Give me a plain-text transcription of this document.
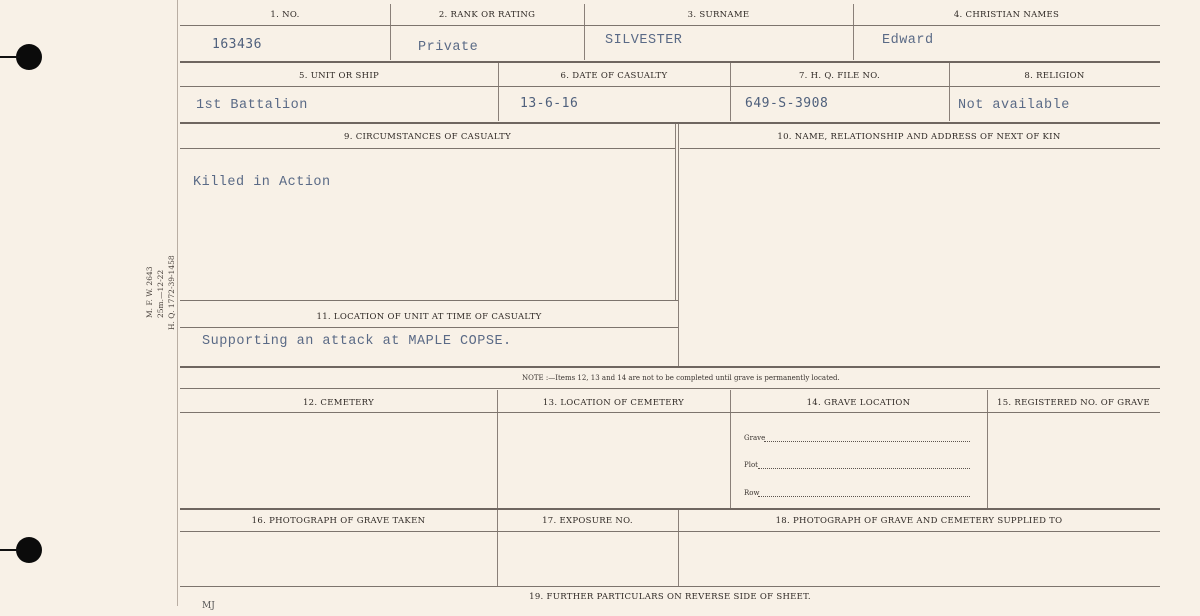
M. F. W. 2643 25m.—12-22 H. Q. 1772-39-1458
1. NO.	2. RANK OR RATING	3. SURNAME	4. CHRISTIAN NAMES
163436	Private	SILVESTER	Edward
5. UNIT OR SHIP	6. DATE OF CASUALTY	7. H. Q. FILE NO.	8. RELIGION
1st Battalion	13-6-16	649-S-3908	Not available
9. CIRCUMSTANCES OF CASUALTY	10. NAME, RELATIONSHIP AND ADDRESS OF NEXT OF KIN
Killed in Action
11. LOCATION OF UNIT AT TIME OF CASUALTY
Supporting an attack at MAPLE COPSE.
NOTE :—Items 12, 13 and 14 are not to be completed until grave is permanently located.
12. CEMETERY	13. LOCATION OF CEMETERY	14. GRAVE LOCATION	15. REGISTERED NO. OF GRAVE
Grave
Plot
Row
16. PHOTOGRAPH OF GRAVE TAKEN	17. EXPOSURE NO.	18. PHOTOGRAPH OF GRAVE AND CEMETERY SUPPLIED TO
19. FURTHER PARTICULARS ON REVERSE SIDE OF SHEET.
MJ
